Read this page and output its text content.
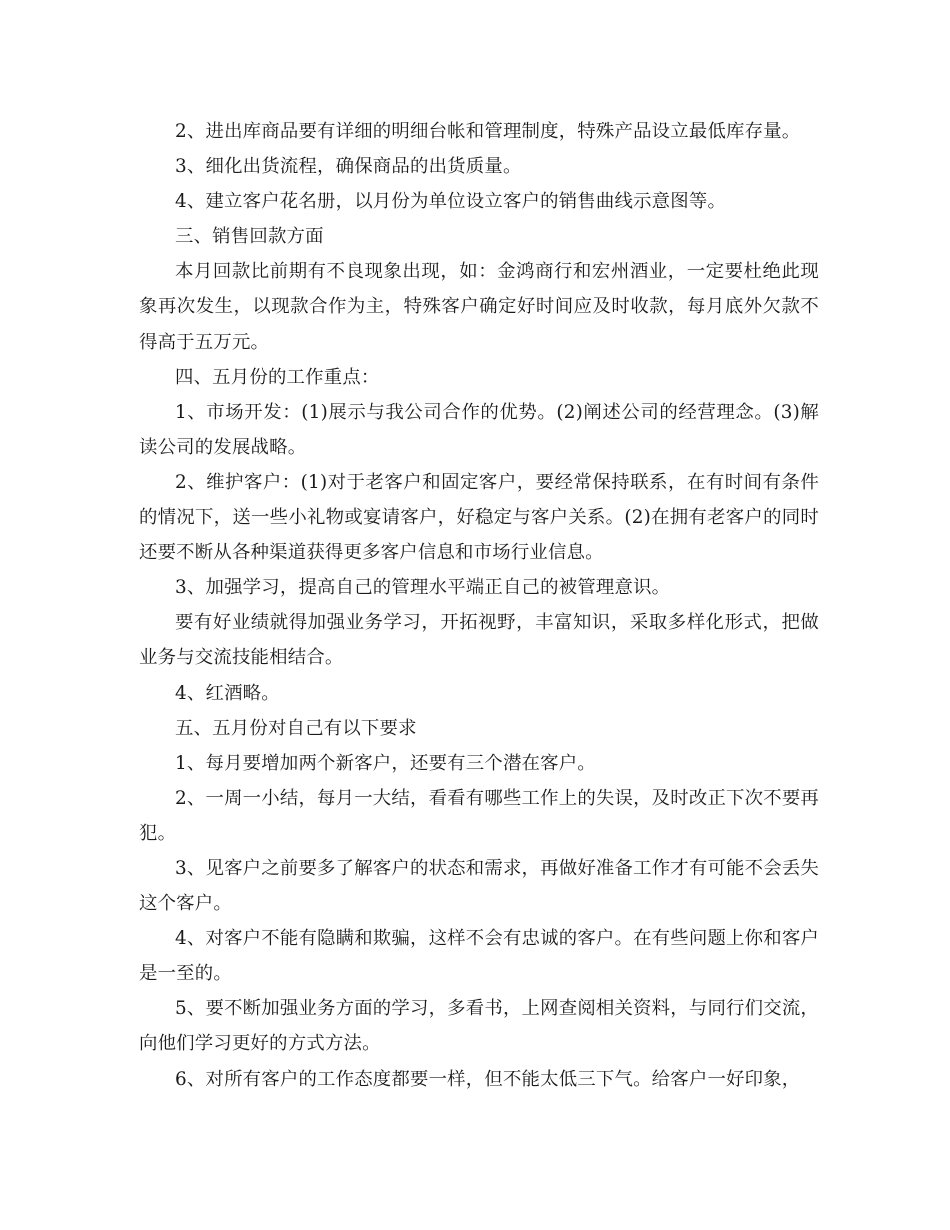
2、进出库商品要有详细的明细台帐和管理制度，特殊产品设立最低库存量。

3、细化出货流程，确保商品的出货质量。

4、建立客户花名册，以月份为单位设立客户的销售曲线示意图等。

三、销售回款方面

本月回款比前期有不良现象出现，如：金鸿商行和宏州酒业，一定要杜绝此现象再次发生，以现款合作为主，特殊客户确定好时间应及时收款，每月底外欠款不得高于五万元。

四、五月份的工作重点：

1、市场开发：(1)展示与我公司合作的优势。(2)阐述公司的经营理念。(3)解读公司的发展战略。

2、维护客户：(1)对于老客户和固定客户，要经常保持联系，在有时间有条件的情况下，送一些小礼物或宴请客户，好稳定与客户关系。(2)在拥有老客户的同时还要不断从各种渠道获得更多客户信息和市场行业信息。

3、加强学习，提高自己的管理水平端正自己的被管理意识。

要有好业绩就得加强业务学习，开拓视野，丰富知识，采取多样化形式，把做业务与交流技能相结合。

4、红酒略。

五、五月份对自己有以下要求

1、每月要增加两个新客户，还要有三个潜在客户。

2、一周一小结，每月一大结，看看有哪些工作上的失误，及时改正下次不要再犯。

3、见客户之前要多了解客户的状态和需求，再做好准备工作才有可能不会丢失这个客户。

4、对客户不能有隐瞒和欺骗，这样不会有忠诚的客户。在有些问题上你和客户是一至的。

5、要不断加强业务方面的学习，多看书，上网查阅相关资料，与同行们交流，向他们学习更好的方式方法。

6、对所有客户的工作态度都要一样，但不能太低三下气。给客户一好印象，
